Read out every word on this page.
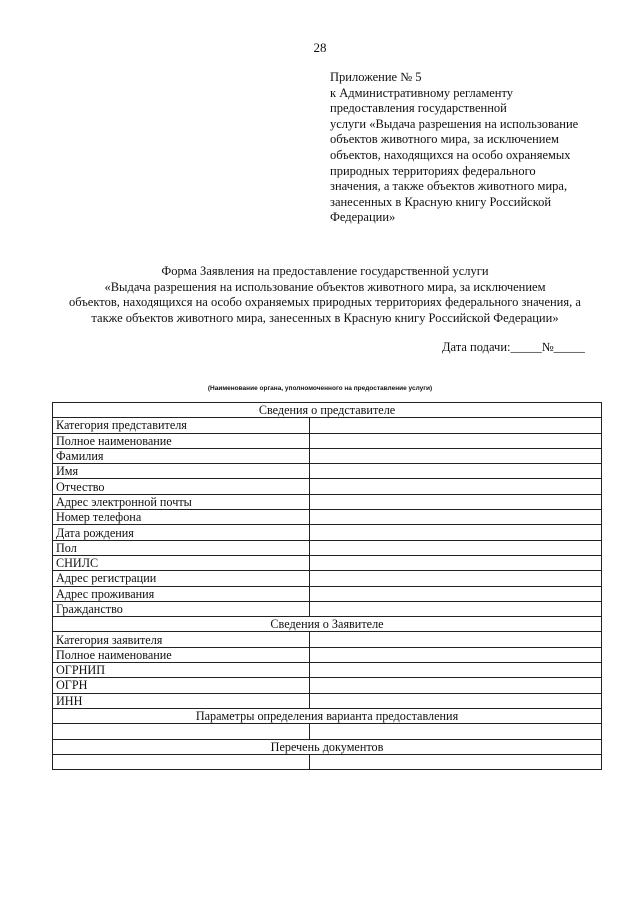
28
Приложение № 5
к Административному регламенту
предоставления государственной
услуги «Выдача разрешения на использование
объектов животного мира, за исключением
объектов, находящихся на особо охраняемых
природных территориях федерального
значения, а также объектов животного мира,
занесенных в Красную книгу Российской
Федерации»
Форма Заявления на предоставление государственной услуги
«Выдача разрешения на использование объектов животного мира, за исключением
объектов, находящихся на особо охраняемых природных территориях федерального значения, а
также объектов животного мира, занесенных в Красную книгу Российской Федерации»
Дата подачи:_____№_____
(Наименование органа, уполномоченного на предоставление услуги)
Сведения о представителе	
Категория представителя	
Полное наименование	
Фамилия	
Имя	
Отчество	
Адрес электронной почты	
Номер телефона	
Дата рождения	
Пол	
СНИЛС	
Адрес регистрации	
Адрес проживания	
Гражданство	
Сведения о Заявителе	
Категория заявителя	
Полное наименование	
ОГРНИП	
ОГРН	
ИНН	
Параметры определения варианта предоставления	

Перечень документов	
